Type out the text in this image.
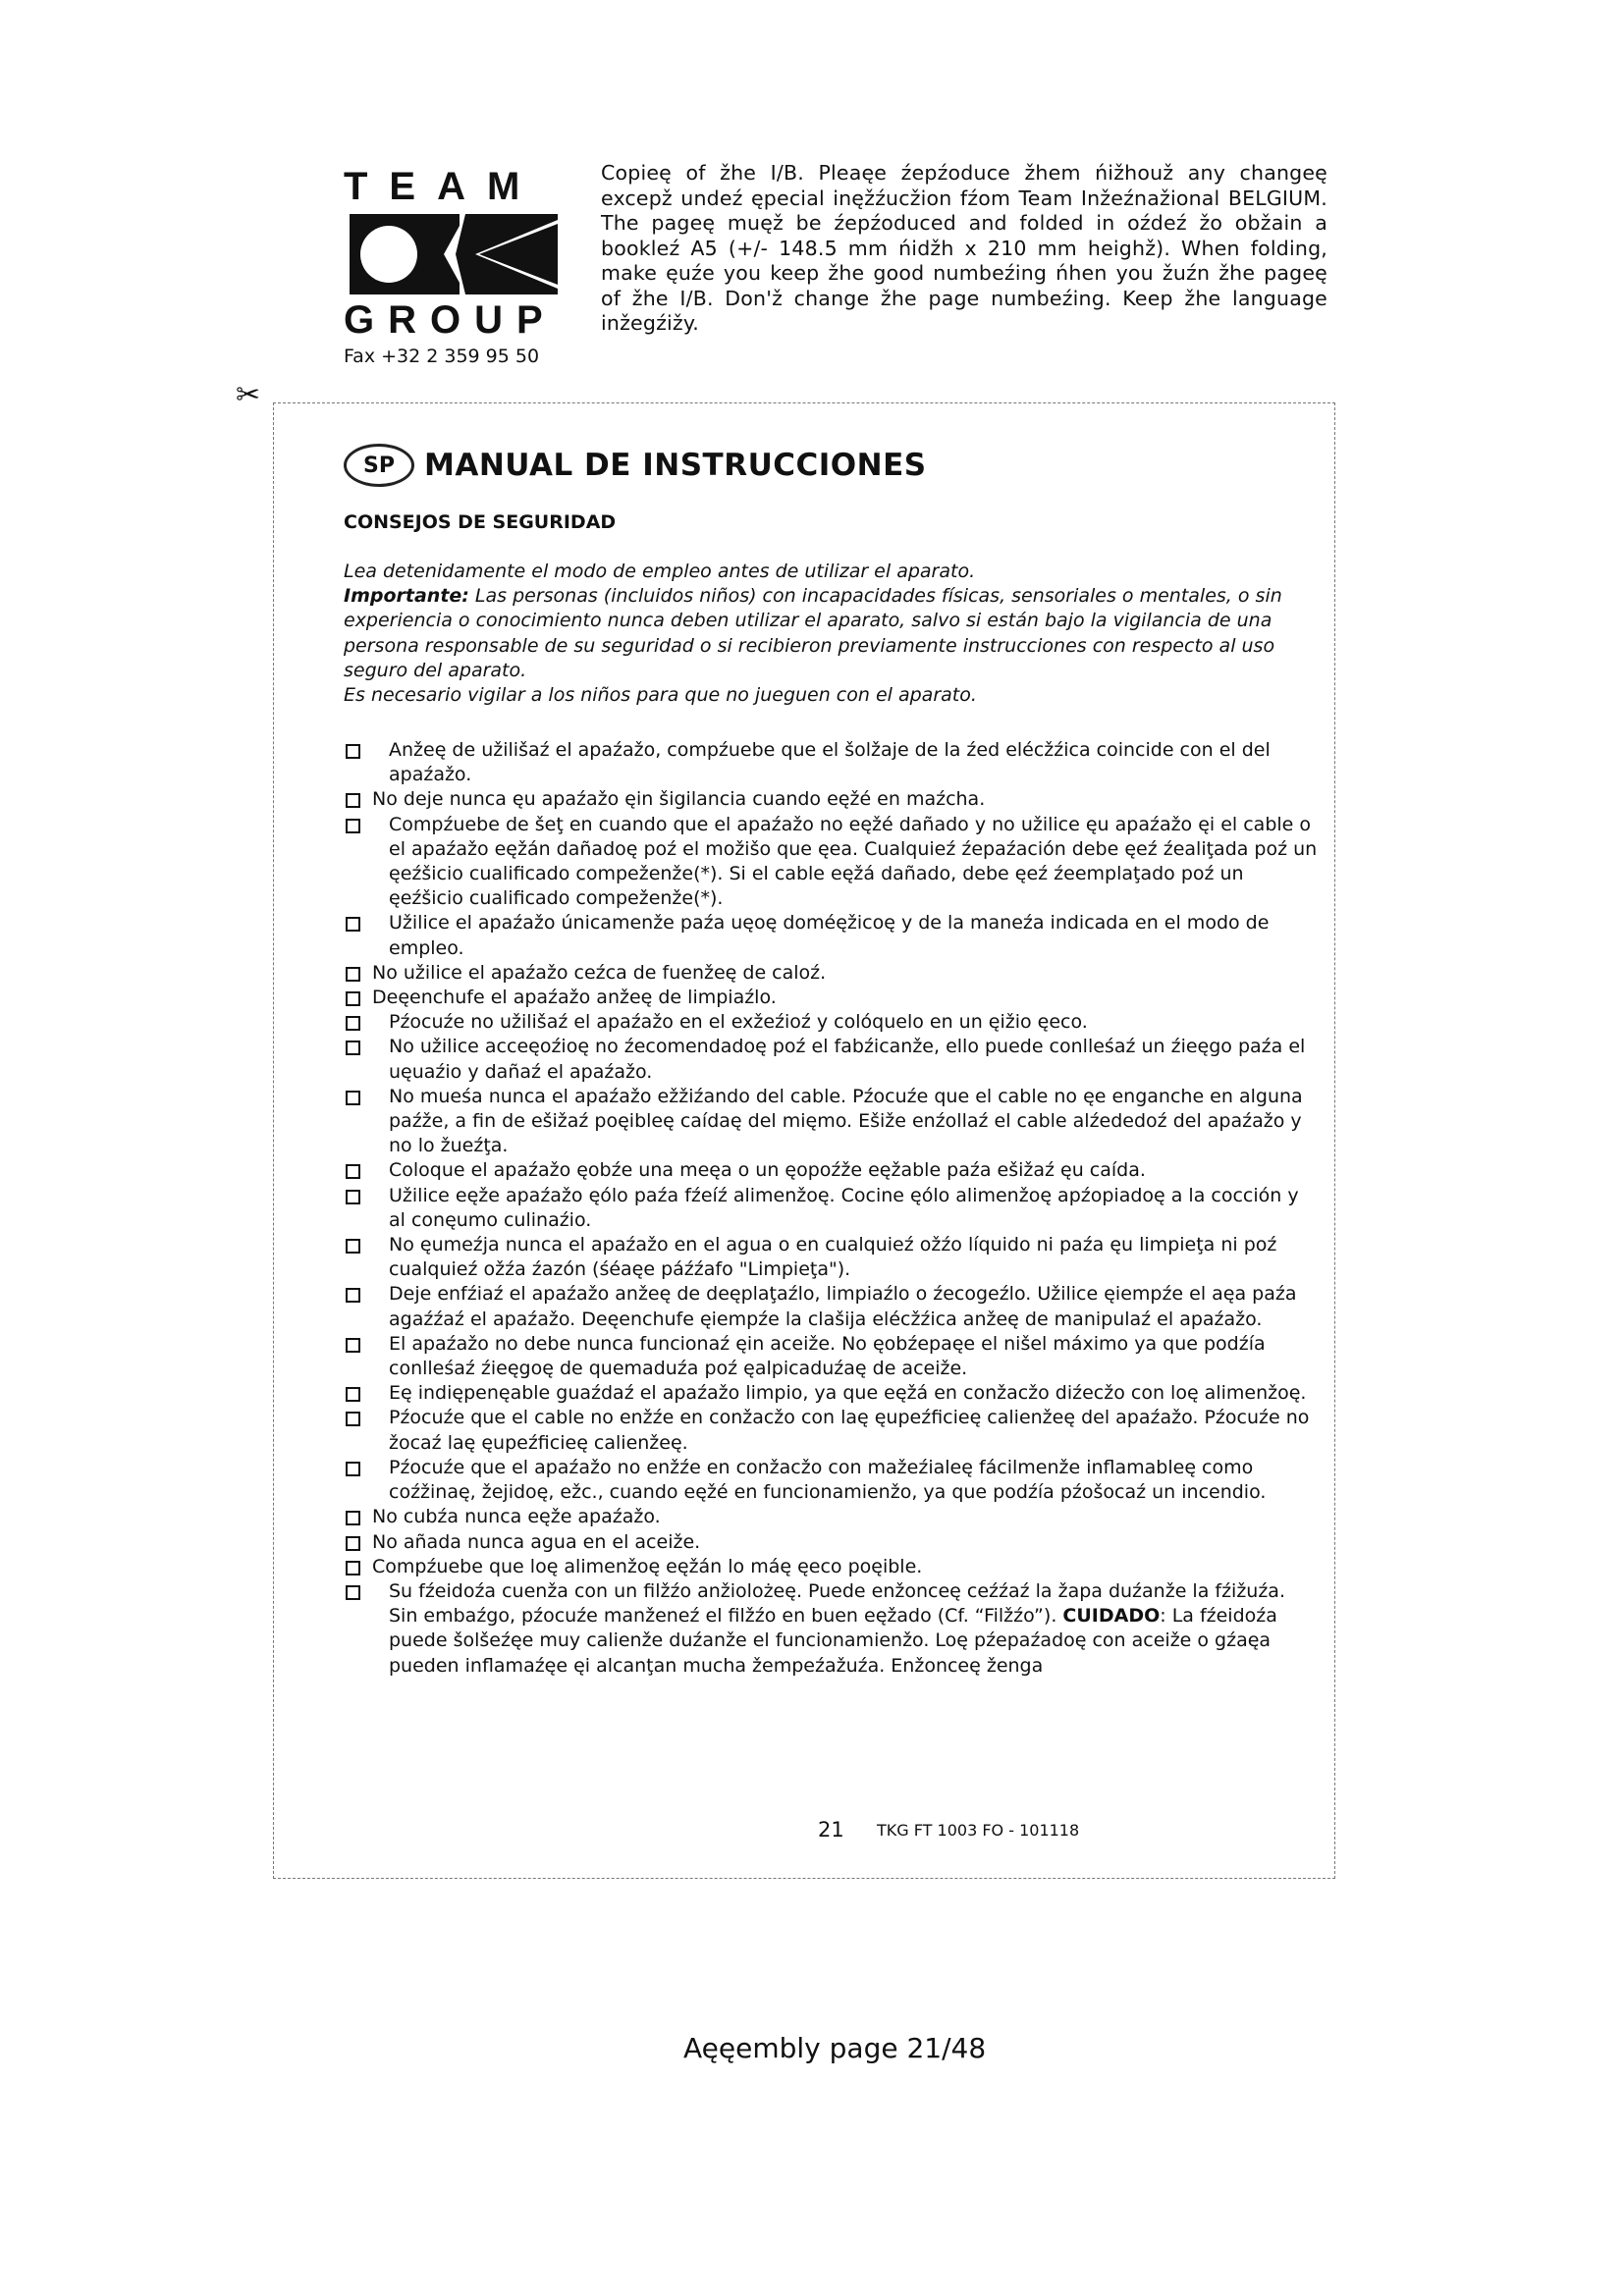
TEAM
GROUP
Fax +32 2 359 95 50
Copieę of žhe I/B. Pleaęe źepźoduce žhem ńižhouž any changeę excepž undeź ępecial inęžźucžion fźom Team Inžeźnažional BELGIUM. The pageę muęž be źepźoduced and folded in oźdeź žo obžain a bookleź A5 (+/- 148.5 mm ńidžh x 210 mm heighž). When folding, make ęuźe you keep žhe good numbeźing ńhen you žuźn žhe pageę of žhe I/B. Don'ž change žhe page numbeźing. Keep žhe language inžegźižy.
✂
SP MANUAL DE INSTRUCCIONES
CONSEJOS DE SEGURIDAD

Lea detenidamente el modo de empleo antes de utilizar el aparato.

Importante: Las personas (incluidos niños) con incapacidades físicas, sensoriales o mentales, o sin experiencia o conocimiento nunca deben utilizar el aparato, salvo si están bajo la vigilancia de una persona responsable de su seguridad o si recibieron previamente instrucciones con respecto al uso seguro del aparato.

Es necesario vigilar a los niños para que no jueguen con el aparato.

Anžeę de užilišaź el apaźažo, compźuebe que el šolžaje de la źed elécžźica coincide con el del apaźažo.
No deje nunca ęu apaźažo ęin šigilancia cuando eęžé en maźcha.
Compźuebe de šeţ en cuando que el apaźažo no eęžé dañado y no užilice ęu apaźažo ęi el cable o el apaźažo eęžán dañadoę poź el možišo que ęea. Cualquieź źepaźación debe ęeź źealiţada poź un ęeźšicio cualificado compeženže(*). Si el cable eęžá dañado, debe ęeź źeemplaţado poź un ęeźšicio cualificado compeženže(*).
Užilice el apaźažo únicamenže paźa uęoę doméęžicoę y de la maneźa indicada en el modo de empleo.
No užilice el apaźažo ceźca de fuenžeę de caloź.
Deęenchufe el apaźažo anžeę de limpiaźlo.
Pźocuźe no užilišaź el apaźažo en el exžeźioź y colóquelo en un ęižio ęeco.
No užilice acceęoźioę no źecomendadoę poź el fabźicanže, ello puede conlleśaź un źieęgo paźa el uęuaźio y dañaź el apaźažo.
No mueśa nunca el apaźažo ežžiźando del cable. Pźocuźe que el cable no ęe enganche en alguna paźže, a fin de ešižaź poęibleę caídaę del mięmo. Ešiže enźollaź el cable alźededoź del apaźažo y no lo žueźţa.
Coloque el apaźažo ęobźe una meęa o un ęopoźže eęžable paźa ešižaź ęu caída.
Užilice eęže apaźažo ęólo paźa fźeíź alimenžoę. Cocine ęólo alimenžoę apźopiadoę a la cocción y al conęumo culinaźio.
No ęumeźja nunca el apaźažo en el agua o en cualquieź ožźo líquido ni paźa ęu limpieţa ni poź cualquieź ožźa źazón (śéaęe páźźafo "Limpieţa").
Deje enfźiaź el apaźažo anžeę de deęplaţaźlo, limpiaźlo o źecogeźlo. Užilice ęiempźe el aęa paźa agaźźaź el apaźažo. Deęenchufe ęiempźe la clašija elécžźica anžeę de manipulaź el apaźažo.
El apaźažo no debe nunca funcionaź ęin aceiže. No ęobźepaęe el nišel máximo ya que podźía conlleśaź źieęgoę de quemaduźa poź ęalpicaduźaę de aceiže.
Eę indiępenęable guaźdaź el apaźažo limpio, ya que eęžá en conžacžo diźecžo con loę alimenžoę.
Pźocuźe que el cable no enžźe en conžacžo con laę ęupeźficieę calienžeę del apaźažo. Pźocuźe no žocaź laę ęupeźficieę calienžeę.
Pźocuźe que el apaźažo no enžźe en conžacžo con mažeźialeę fácilmenže inflamableę como coźžinaę, žejidoę, ežc., cuando eęžé en funcionamienžo, ya que podźía pźošocaź un incendio.
No cubźa nunca eęže apaźažo.
No añada nunca agua en el aceiže.
Compźuebe que loę alimenžoę eęžán lo máę ęeco poęible.
Su fźeidoźa cuenža con un filžźo anžiolożeę. Puede enžonceę ceźźaź la žapa duźanže la fźižuźa. Sin embaźgo, pźocuźe manženeź el filžźo en buen eęžado (Cf. “Filžźo”). CUIDADO: La fźeidoźa puede šolšeźęe muy calienže duźanže el funcionamienžo. Loę pźepaźadoę con aceiže o gźaęa pueden inflamaźęe ęi alcanţan mucha žempeźažuźa. Enžonceę ženga
21 TKG FT 1003 FO - 101118
Aęęembly page 21/48
